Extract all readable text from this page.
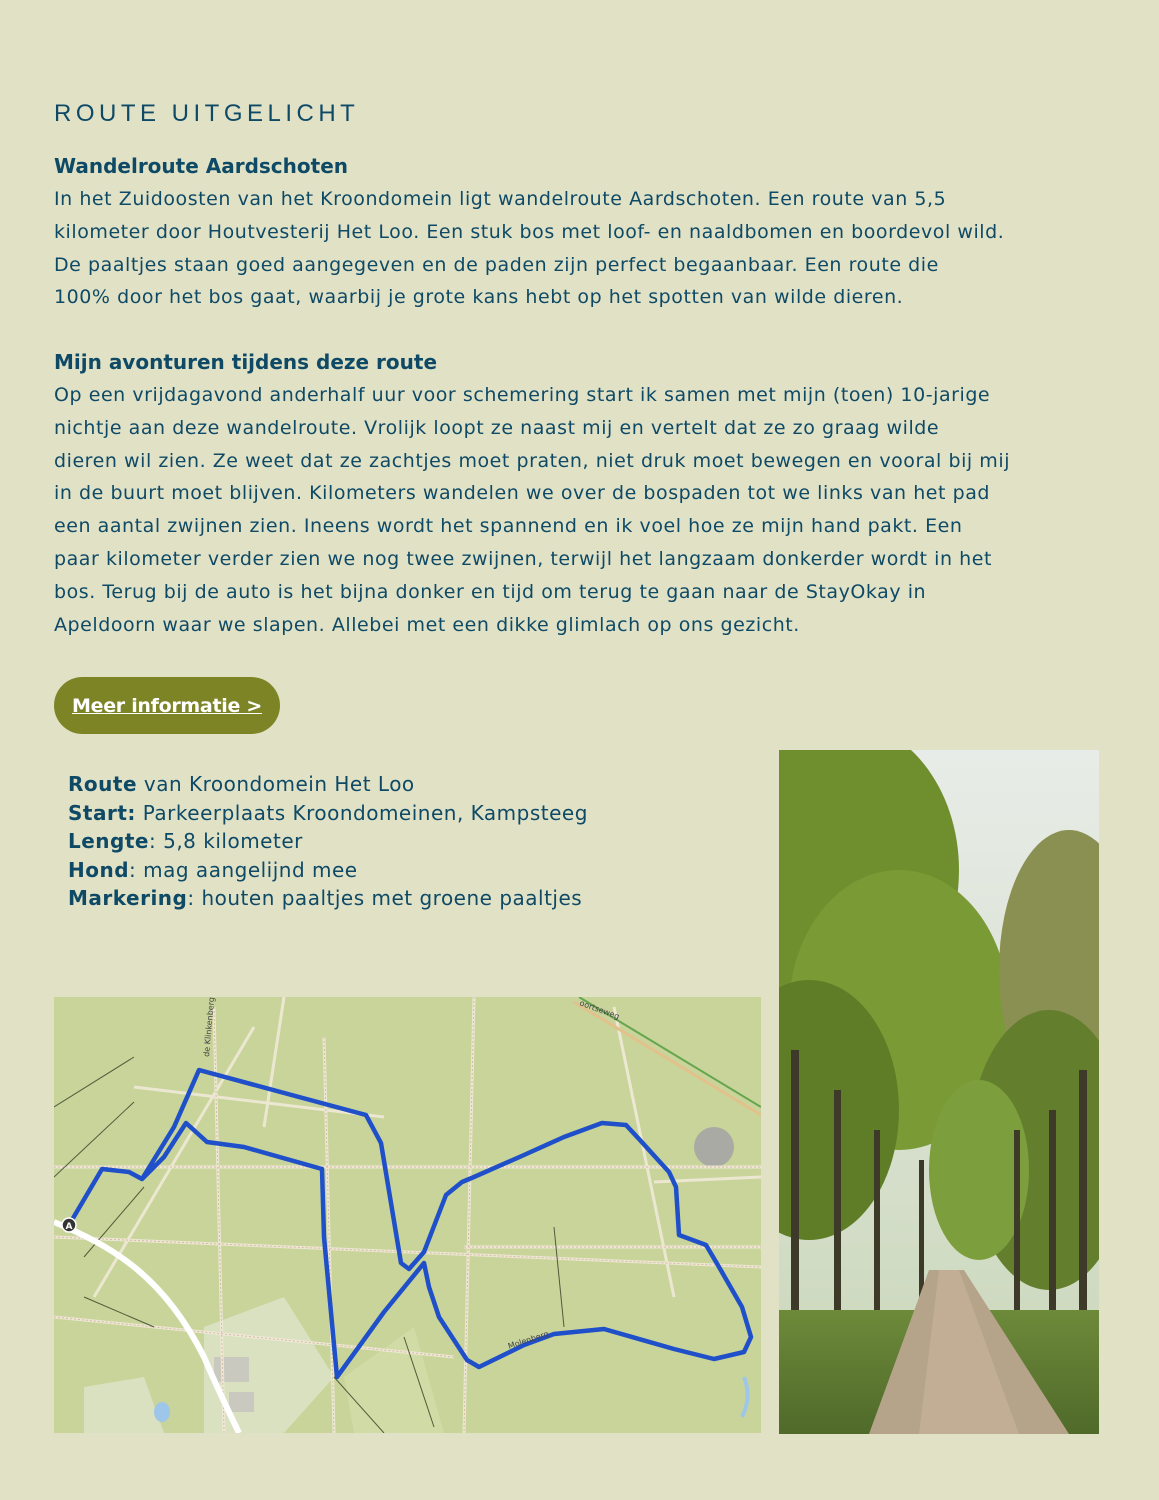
ROUTE UITGELICHT
Wandelroute Aardschoten

In het Zuidoosten van het Kroondomein ligt wandelroute Aardschoten. Een route van 5,5

kilometer door Houtvesterij Het Loo. Een stuk bos met loof- en naaldbomen en boordevol wild.

De paaltjes staan goed aangegeven en de paden zijn perfect begaanbaar. Een route die

100% door het bos gaat, waarbij je grote kans hebt op het spotten van wilde dieren.

Mijn avonturen tijdens deze route

Op een vrijdagavond anderhalf uur voor schemering start ik samen met mijn (toen) 10-jarige

nichtje aan deze wandelroute. Vrolijk loopt ze naast mij en vertelt dat ze zo graag wilde

dieren wil zien. Ze weet dat ze zachtjes moet praten, niet druk moet bewegen en vooral bij mij

in de buurt moet blijven. Kilometers wandelen we over de bospaden tot we links van het pad

een aantal zwijnen zien. Ineens wordt het spannend en ik voel hoe ze mijn hand pakt. Een

paar kilometer verder zien we nog twee zwijnen, terwijl het langzaam donkerder wordt in het

bos. Terug bij de auto is het bijna donker en tijd om terug te gaan naar de StayOkay in

Apeldoorn waar we slapen. Allebei met een dikke glimlach op ons gezicht.

Meer informatie >
Route van Kroondomein Het Loo
Start: Parkeerplaats Kroondomeinen, Kampsteeg
Lengte: 5,8 kilometer
Hond: mag aangelijnd mee
Markering: houten paaltjes met groene paaltjes
A
de Klinkenberg	oortseweg
Molenberg
